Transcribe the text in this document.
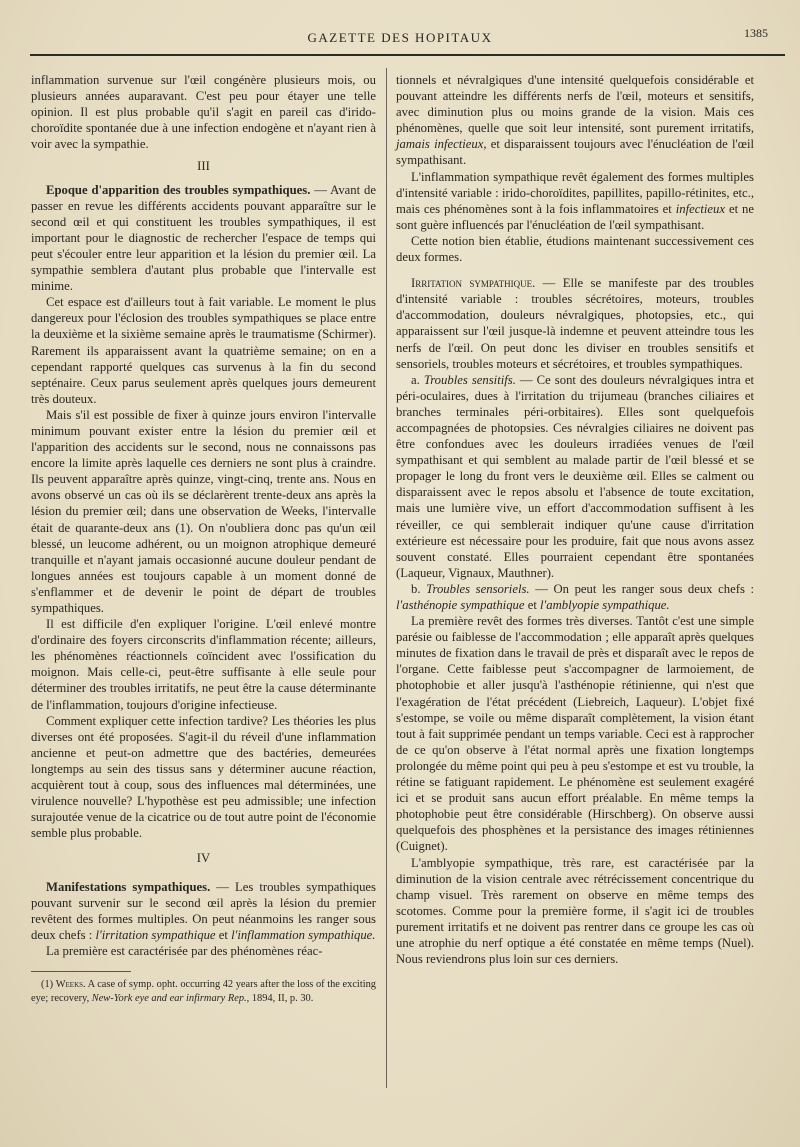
GAZETTE DES HOPITAUX	1385

inflammation survenue sur l'œil congénère plusieurs mois, ou plusieurs années auparavant. C'est peu pour étayer une telle opinion. Il est plus probable qu'il s'agit en pareil cas d'irido-choroïdite spontanée due à une infection endogène et n'ayant rien à voir avec la sympathie.

III

Epoque d'apparition des troubles sympathiques. — Avant de passer en revue les différents accidents pouvant apparaître sur le second œil et qui constituent les troubles sympathiques, il est important pour le diagnostic de rechercher l'espace de temps qui peut s'écouler entre leur apparition et la lésion du premier œil. La sympathie semblera d'autant plus probable que l'intervalle est minime.

Cet espace est d'ailleurs tout à fait variable. Le moment le plus dangereux pour l'éclosion des troubles sympathiques se place entre la deuxième et la sixième semaine après le traumatisme (Schirmer). Rarement ils apparaissent avant la quatrième semaine; on en a cependant rapporté quelques cas survenus à la fin du second septénaire. Ceux parus seulement après quelques jours demeurent très douteux.

Mais s'il est possible de fixer à quinze jours environ l'intervalle minimum pouvant exister entre la lésion du premier œil et l'apparition des accidents sur le second, nous ne connaissons pas encore la limite après laquelle ces derniers ne sont plus à craindre. Ils peuvent apparaître après quinze, vingt-cinq, trente ans. Nous en avons observé un cas où ils se déclarèrent trente-deux ans après la lésion du premier œil; dans une observation de Weeks, l'intervalle était de quarante-deux ans (1). On n'oubliera donc pas qu'un œil blessé, un leucome adhérent, ou un moignon atrophique demeuré tranquille et n'ayant jamais occasionné aucune douleur pendant de longues années est toujours capable à un moment donné de s'enflammer et de devenir le point de départ de troubles sympathiques.

Il est difficile d'en expliquer l'origine. L'œil enlevé montre d'ordinaire des foyers circonscrits d'inflammation récente; ailleurs, les phénomènes réactionnels coïncident avec l'ossification du moignon. Mais celle-ci, peut-être suffisante à elle seule pour déterminer des troubles irritatifs, ne peut être la cause déterminante de l'inflammation, toujours d'origine infectieuse.

Comment expliquer cette infection tardive? Les théories les plus diverses ont été proposées. S'agit-il du réveil d'une inflammation ancienne et peut-on admettre que des bactéries, demeurées longtemps au sein des tissus sans y déterminer aucune réaction, acquièrent tout à coup, sous des influences mal déterminées, une virulence nouvelle? L'hypothèse est peu admissible; une infection surajoutée venue de la cicatrice ou de tout autre point de l'économie semble plus probable.

IV

Manifestations sympathiques. — Les troubles sympathiques pouvant survenir sur le second œil après la lésion du premier revêtent des formes multiples. On peut néanmoins les ranger sous deux chefs : l'irritation sympathique et l'inflammation sympathique.

La première est caractérisée par des phénomènes réac-

(1) Weeks. A case of symp. opht. occurring 42 years after the loss of the exciting eye; recovery, New-York eye and ear infirmary Rep., 1894, II, p. 30.

tionnels et névralgiques d'une intensité quelquefois considérable et pouvant atteindre les différents nerfs de l'œil, moteurs et sensitifs, avec diminution plus ou moins grande de la vision. Mais ces phénomènes, quelle que soit leur intensité, sont purement irritatifs, jamais infectieux, et disparaissent toujours avec l'énucléation de l'œil sympathisant.

L'inflammation sympathique revêt également des formes multiples d'intensité variable : irido-choroïdites, papillites, papillo-rétinites, etc., mais ces phénomènes sont à la fois inflammatoires et infectieux et ne sont guère influencés par l'énucléation de l'œil sympathisant.

Cette notion bien établie, étudions maintenant successivement ces deux formes.

Irritation sympathique. — Elle se manifeste par des troubles d'intensité variable : troubles sécrétoires, moteurs, troubles d'accommodation, douleurs névralgiques, photopsies, etc., qui apparaissent sur l'œil jusque-là indemne et peuvent atteindre tous les nerfs de l'œil. On peut donc les diviser en troubles sensitifs et sensoriels, troubles moteurs et sécrétoires, et troubles sympathiques.

a. Troubles sensitifs. — Ce sont des douleurs névralgiques intra et péri-oculaires, dues à l'irritation du trijumeau (branches ciliaires et branches terminales péri-orbitaires). Elles sont quelquefois accompagnées de photopsies. Ces névralgies ciliaires ne doivent pas être confondues avec les douleurs irradiées venues de l'œil sympathisant et qui semblent au malade partir de l'œil blessé et se propager le long du front vers le deuxième œil. Elles se calment ou disparaissent avec le repos absolu et l'absence de toute excitation, mais une lumière vive, un effort d'accommodation suffisent à les réveiller, ce qui semblerait indiquer qu'une cause d'irritation extérieure est nécessaire pour les produire, fait que nous avons assez souvent constaté. Elles pourraient cependant être spontanées (Laqueur, Vignaux, Mauthner).

b. Troubles sensoriels. — On peut les ranger sous deux chefs : l'asthénopie sympathique et l'amblyopie sympathique.

La première revêt des formes très diverses. Tantôt c'est une simple parésie ou faiblesse de l'accommodation ; elle apparaît après quelques minutes de fixation dans le travail de près et disparaît avec le repos de l'organe. Cette faiblesse peut s'accompagner de larmoiement, de photophobie et aller jusqu'à l'asthénopie rétinienne, qui n'est que l'exagération de l'état précédent (Liebreich, Laqueur). L'objet fixé s'estompe, se voile ou même disparaît complètement, la vision étant tout à fait supprimée pendant un temps variable. Ceci est à rapprocher de ce qu'on observe à l'état normal après une fixation longtemps prolongée du même point qui peu à peu s'estompe et est vu trouble, la rétine se fatiguant rapidement. Le phénomène est seulement exagéré ici et se produit sans aucun effort préalable. En même temps la photophobie peut être considérable (Hirschberg). On observe aussi quelquefois des phosphènes et la persistance des images rétiniennes (Cuignet).

L'amblyopie sympathique, très rare, est caractérisée par la diminution de la vision centrale avec rétrécissement concentrique du champ visuel. Très rarement on observe en même temps des scotomes. Comme pour la première forme, il s'agit ici de troubles purement irritatifs et ne doivent pas rentrer dans ce groupe les cas où une atrophie du nerf optique a été constatée en même temps (Nuel). Nous reviendrons plus loin sur ces derniers.
